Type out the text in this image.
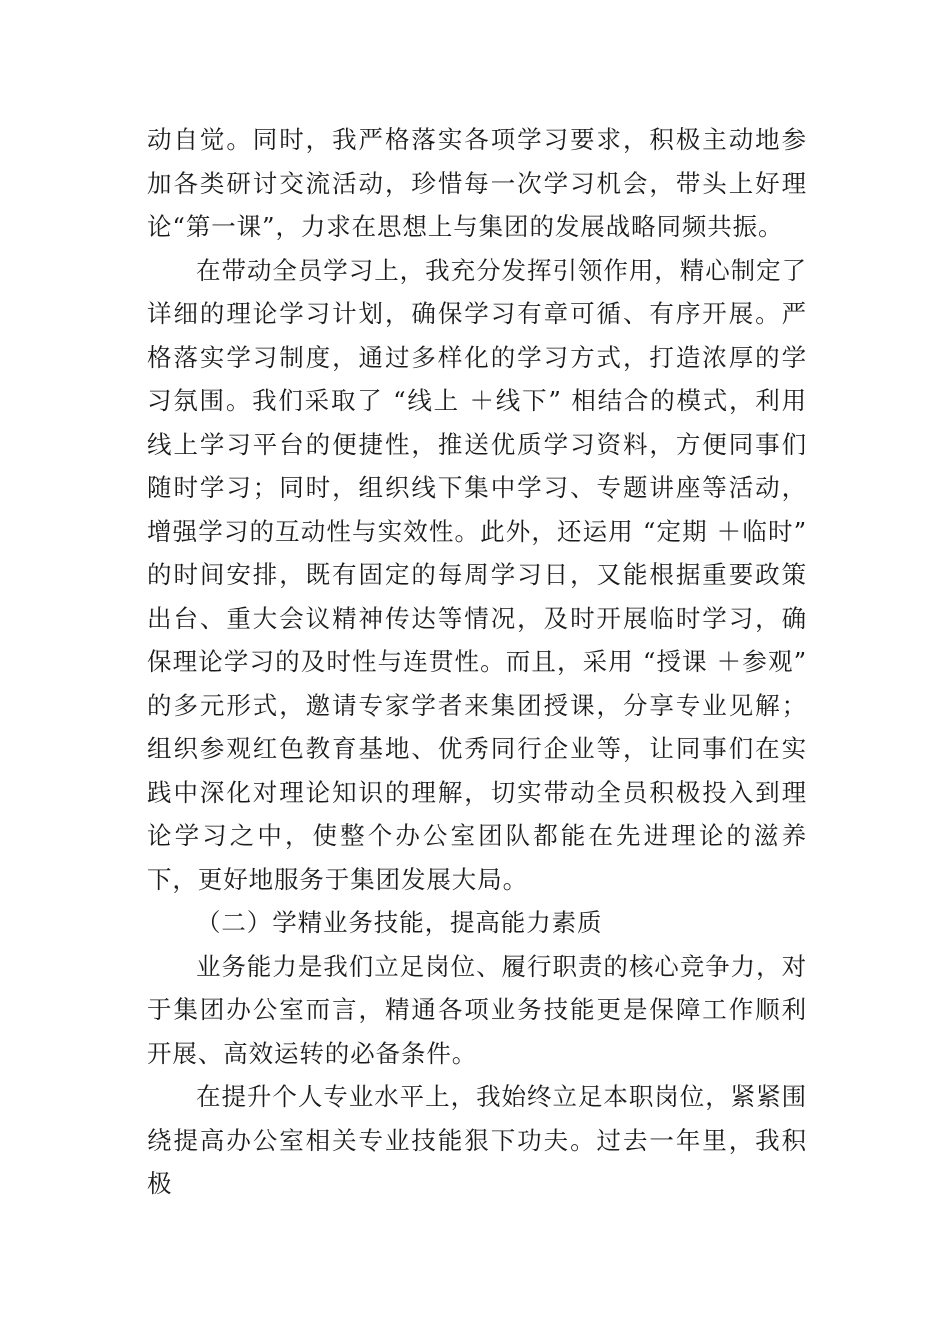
动自觉。同时，我严格落实各项学习要求，积极主动地参加各类研讨交流活动，珍惜每一次学习机会，带头上好理论“第一课”，力求在思想上与集团的发展战略同频共振。

在带动全员学习上，我充分发挥引领作用，精心制定了详细的理论学习计划，确保学习有章可循、有序开展。严格落实学习制度，通过多样化的学习方式，打造浓厚的学习氛围。我们采取了 “线上 ＋线下” 相结合的模式，利用线上学习平台的便捷性，推送优质学习资料，方便同事们随时学习；同时，组织线下集中学习、专题讲座等活动，增强学习的互动性与实效性。此外，还运用 “定期 ＋临时” 的时间安排，既有固定的每周学习日，又能根据重要政策出台、重大会议精神传达等情况，及时开展临时学习，确保理论学习的及时性与连贯性。而且，采用 “授课 ＋参观” 的多元形式，邀请专家学者来集团授课，分享专业见解；组织参观红色教育基地、优秀同行企业等，让同事们在实践中深化对理论知识的理解，切实带动全员积极投入到理论学习之中，使整个办公室团队都能在先进理论的滋养下，更好地服务于集团发展大局。

（二）学精业务技能，提高能力素质

业务能力是我们立足岗位、履行职责的核心竞争力，对于集团办公室而言，精通各项业务技能更是保障工作顺利开展、高效运转的必备条件。

在提升个人专业水平上，我始终立足本职岗位，紧紧围绕提高办公室相关专业技能狠下功夫。过去一年里，我积极
